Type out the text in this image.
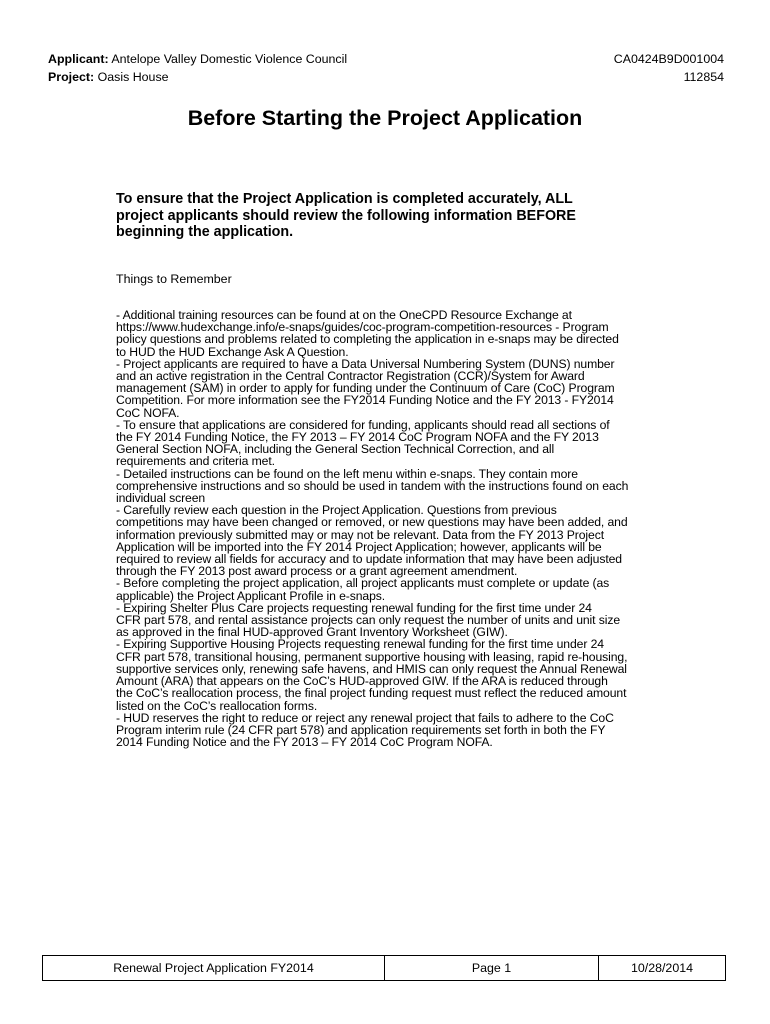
Applicant: Antelope Valley Domestic Violence Council	CA0424B9D001004
Project: Oasis House	112854
Before Starting the Project Application
To ensure that the Project Application is completed accurately, ALL project applicants should review the following information BEFORE beginning the application.
Things to Remember
- Additional training resources can be found at on the OneCPD Resource Exchange at
https://www.hudexchange.info/e-snaps/guides/coc-program-competition-resources - Program
policy questions and problems related to completing the application in e-snaps may be directed
to HUD the HUD Exchange Ask A Question.
- Project applicants are required to have a Data Universal Numbering System (DUNS) number
and an active registration in the Central Contractor Registration (CCR)/System for Award
management (SAM) in order to apply for funding under the Continuum of Care (CoC) Program
Competition. For more information see the FY2014 Funding Notice and the FY 2013 - FY2014
CoC NOFA.
- To ensure that applications are considered for funding, applicants should read all sections of
the FY 2014 Funding Notice, the FY 2013 – FY 2014 CoC Program NOFA and the FY 2013
General Section NOFA, including the General Section Technical Correction, and all
requirements and criteria met.
- Detailed instructions can be found on the left menu within e-snaps. They contain more
comprehensive instructions and so should be used in tandem with the instructions found on each
individual screen
- Carefully review each question in the Project Application. Questions from previous
competitions may have been changed or removed, or new questions may have been added, and
information previously submitted may or may not be relevant. Data from the FY 2013 Project
Application will be imported into the FY 2014 Project Application; however, applicants will be
required to review all fields for accuracy and to update information that may have been adjusted
through the FY 2013 post award process or a grant agreement amendment.
- Before completing the project application, all project applicants must complete or update (as
applicable) the Project Applicant Profile in e-snaps.
- Expiring Shelter Plus Care projects requesting renewal funding for the first time under 24
CFR part 578, and rental assistance projects can only request the number of units and unit size
as approved in the final HUD-approved Grant Inventory Worksheet (GIW).
- Expiring Supportive Housing Projects requesting renewal funding for the first time under 24
CFR part 578, transitional housing, permanent supportive housing with leasing, rapid re-housing,
supportive services only, renewing safe havens, and HMIS can only request the Annual Renewal
Amount (ARA) that appears on the CoC’s HUD-approved GIW. If the ARA is reduced through
the CoC’s reallocation process, the final project funding request must reflect the reduced amount
listed on the CoC’s reallocation forms.
- HUD reserves the right to reduce or reject any renewal project that fails to adhere to the CoC
Program interim rule (24 CFR part 578) and application requirements set forth in both the FY
2014 Funding Notice and the FY 2013 – FY 2014 CoC Program NOFA.
Renewal Project Application FY2014	Page 1	10/28/2014
